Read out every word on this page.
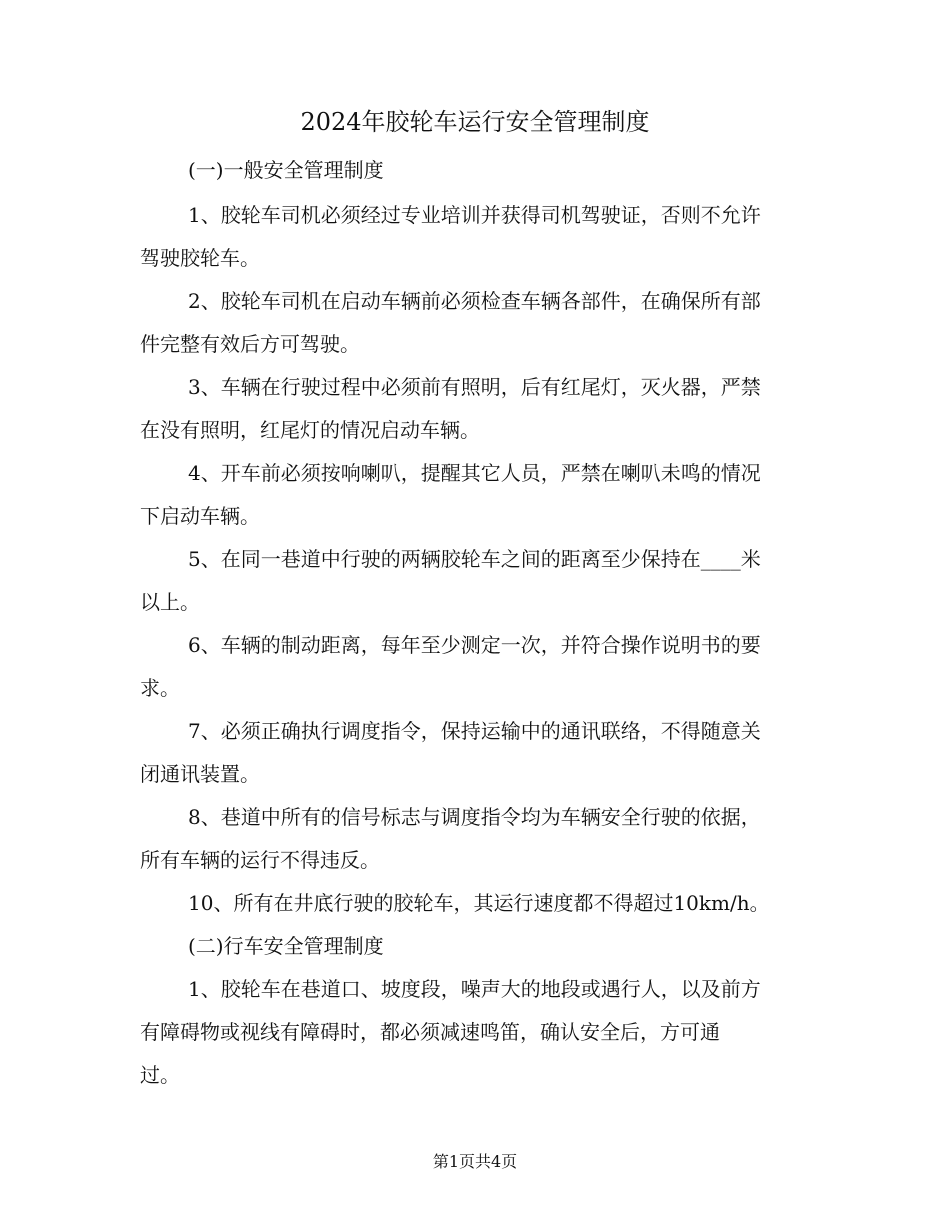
2024年胶轮车运行安全管理制度

(一)一般安全管理制度

1、胶轮车司机必须经过专业培训并获得司机驾驶证，否则不允许

驾驶胶轮车。

2、胶轮车司机在启动车辆前必须检查车辆各部件，在确保所有部

件完整有效后方可驾驶。

3、车辆在行驶过程中必须前有照明，后有红尾灯，灭火器，严禁

在没有照明，红尾灯的情况启动车辆。

4、开车前必须按响喇叭，提醒其它人员，严禁在喇叭未鸣的情况

下启动车辆。

5、在同一巷道中行驶的两辆胶轮车之间的距离至少保持在____米

以上。

6、车辆的制动距离，每年至少测定一次，并符合操作说明书的要

求。

7、必须正确执行调度指令，保持运输中的通讯联络，不得随意关

闭通讯装置。

8、巷道中所有的信号标志与调度指令均为车辆安全行驶的依据，

所有车辆的运行不得违反。

10、所有在井底行驶的胶轮车，其运行速度都不得超过10km/h。

(二)行车安全管理制度

1、胶轮车在巷道口、坡度段，噪声大的地段或遇行人，以及前方

有障碍物或视线有障碍时，都必须减速鸣笛，确认安全后，方可通

过。

第1页共4页
